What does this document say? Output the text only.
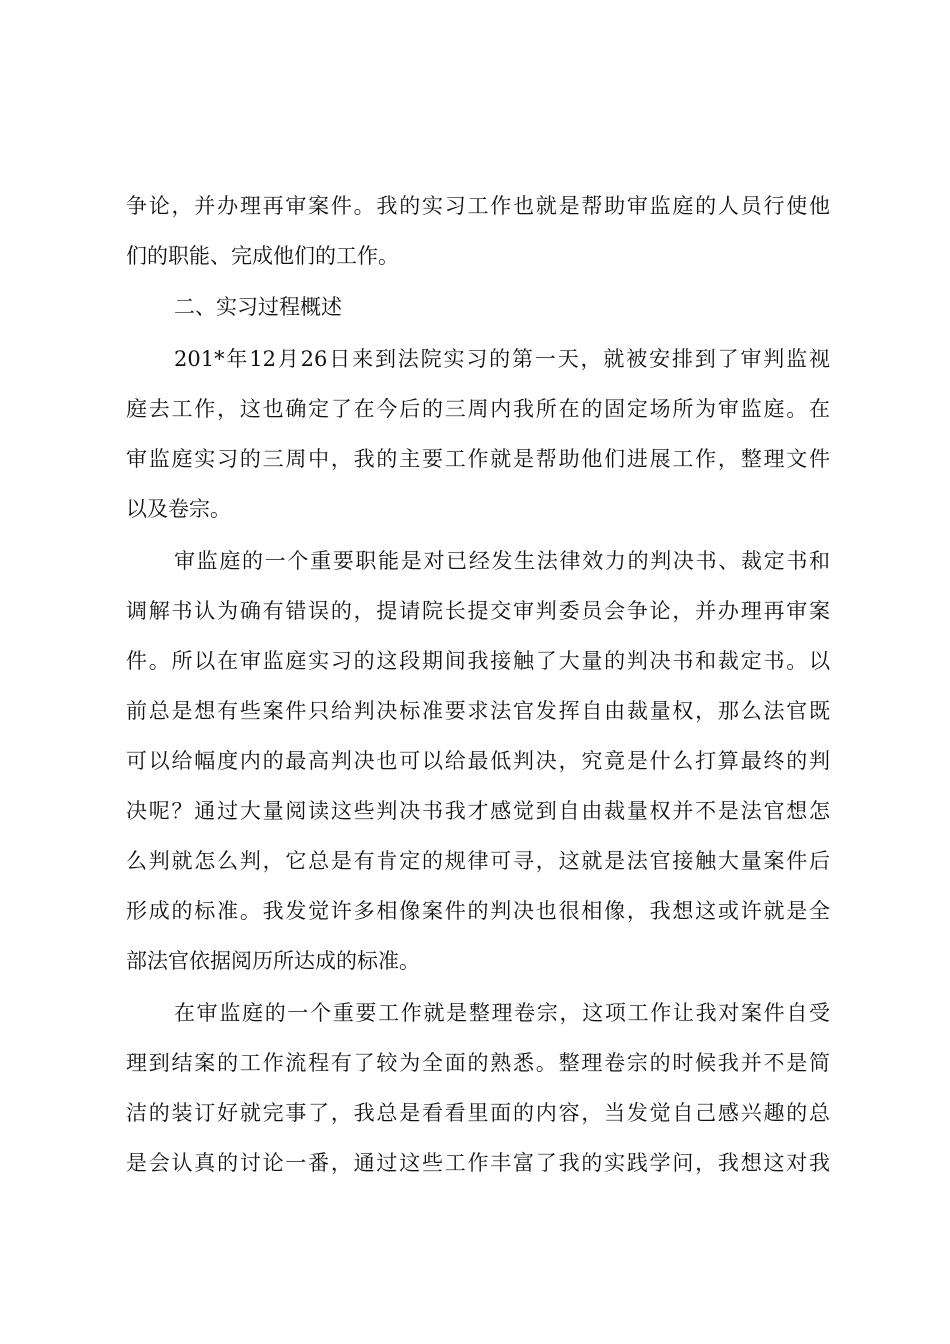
争论，并办理再审案件。我的实习工作也就是帮助审监庭的人员行使他
们的职能、完成他们的工作。
二、实习过程概述
201*年12月26日来到法院实习的第一天，就被安排到了审判监视
庭去工作，这也确定了在今后的三周内我所在的固定场所为审监庭。在
审监庭实习的三周中，我的主要工作就是帮助他们进展工作，整理文件
以及卷宗。
审监庭的一个重要职能是对已经发生法律效力的判决书、裁定书和
调解书认为确有错误的，提请院长提交审判委员会争论，并办理再审案
件。所以在审监庭实习的这段期间我接触了大量的判决书和裁定书。以
前总是想有些案件只给判决标准要求法官发挥自由裁量权，那么法官既
可以给幅度内的最高判决也可以给最低判决，究竟是什么打算最终的判
决呢？通过大量阅读这些判决书我才感觉到自由裁量权并不是法官想怎
么判就怎么判，它总是有肯定的规律可寻，这就是法官接触大量案件后
形成的标准。我发觉许多相像案件的判决也很相像，我想这或许就是全
部法官依据阅历所达成的标准。
在审监庭的一个重要工作就是整理卷宗，这项工作让我对案件自受
理到结案的工作流程有了较为全面的熟悉。整理卷宗的时候我并不是简
洁的装订好就完事了，我总是看看里面的内容，当发觉自己感兴趣的总
是会认真的讨论一番，通过这些工作丰富了我的实践学问，我想这对我
